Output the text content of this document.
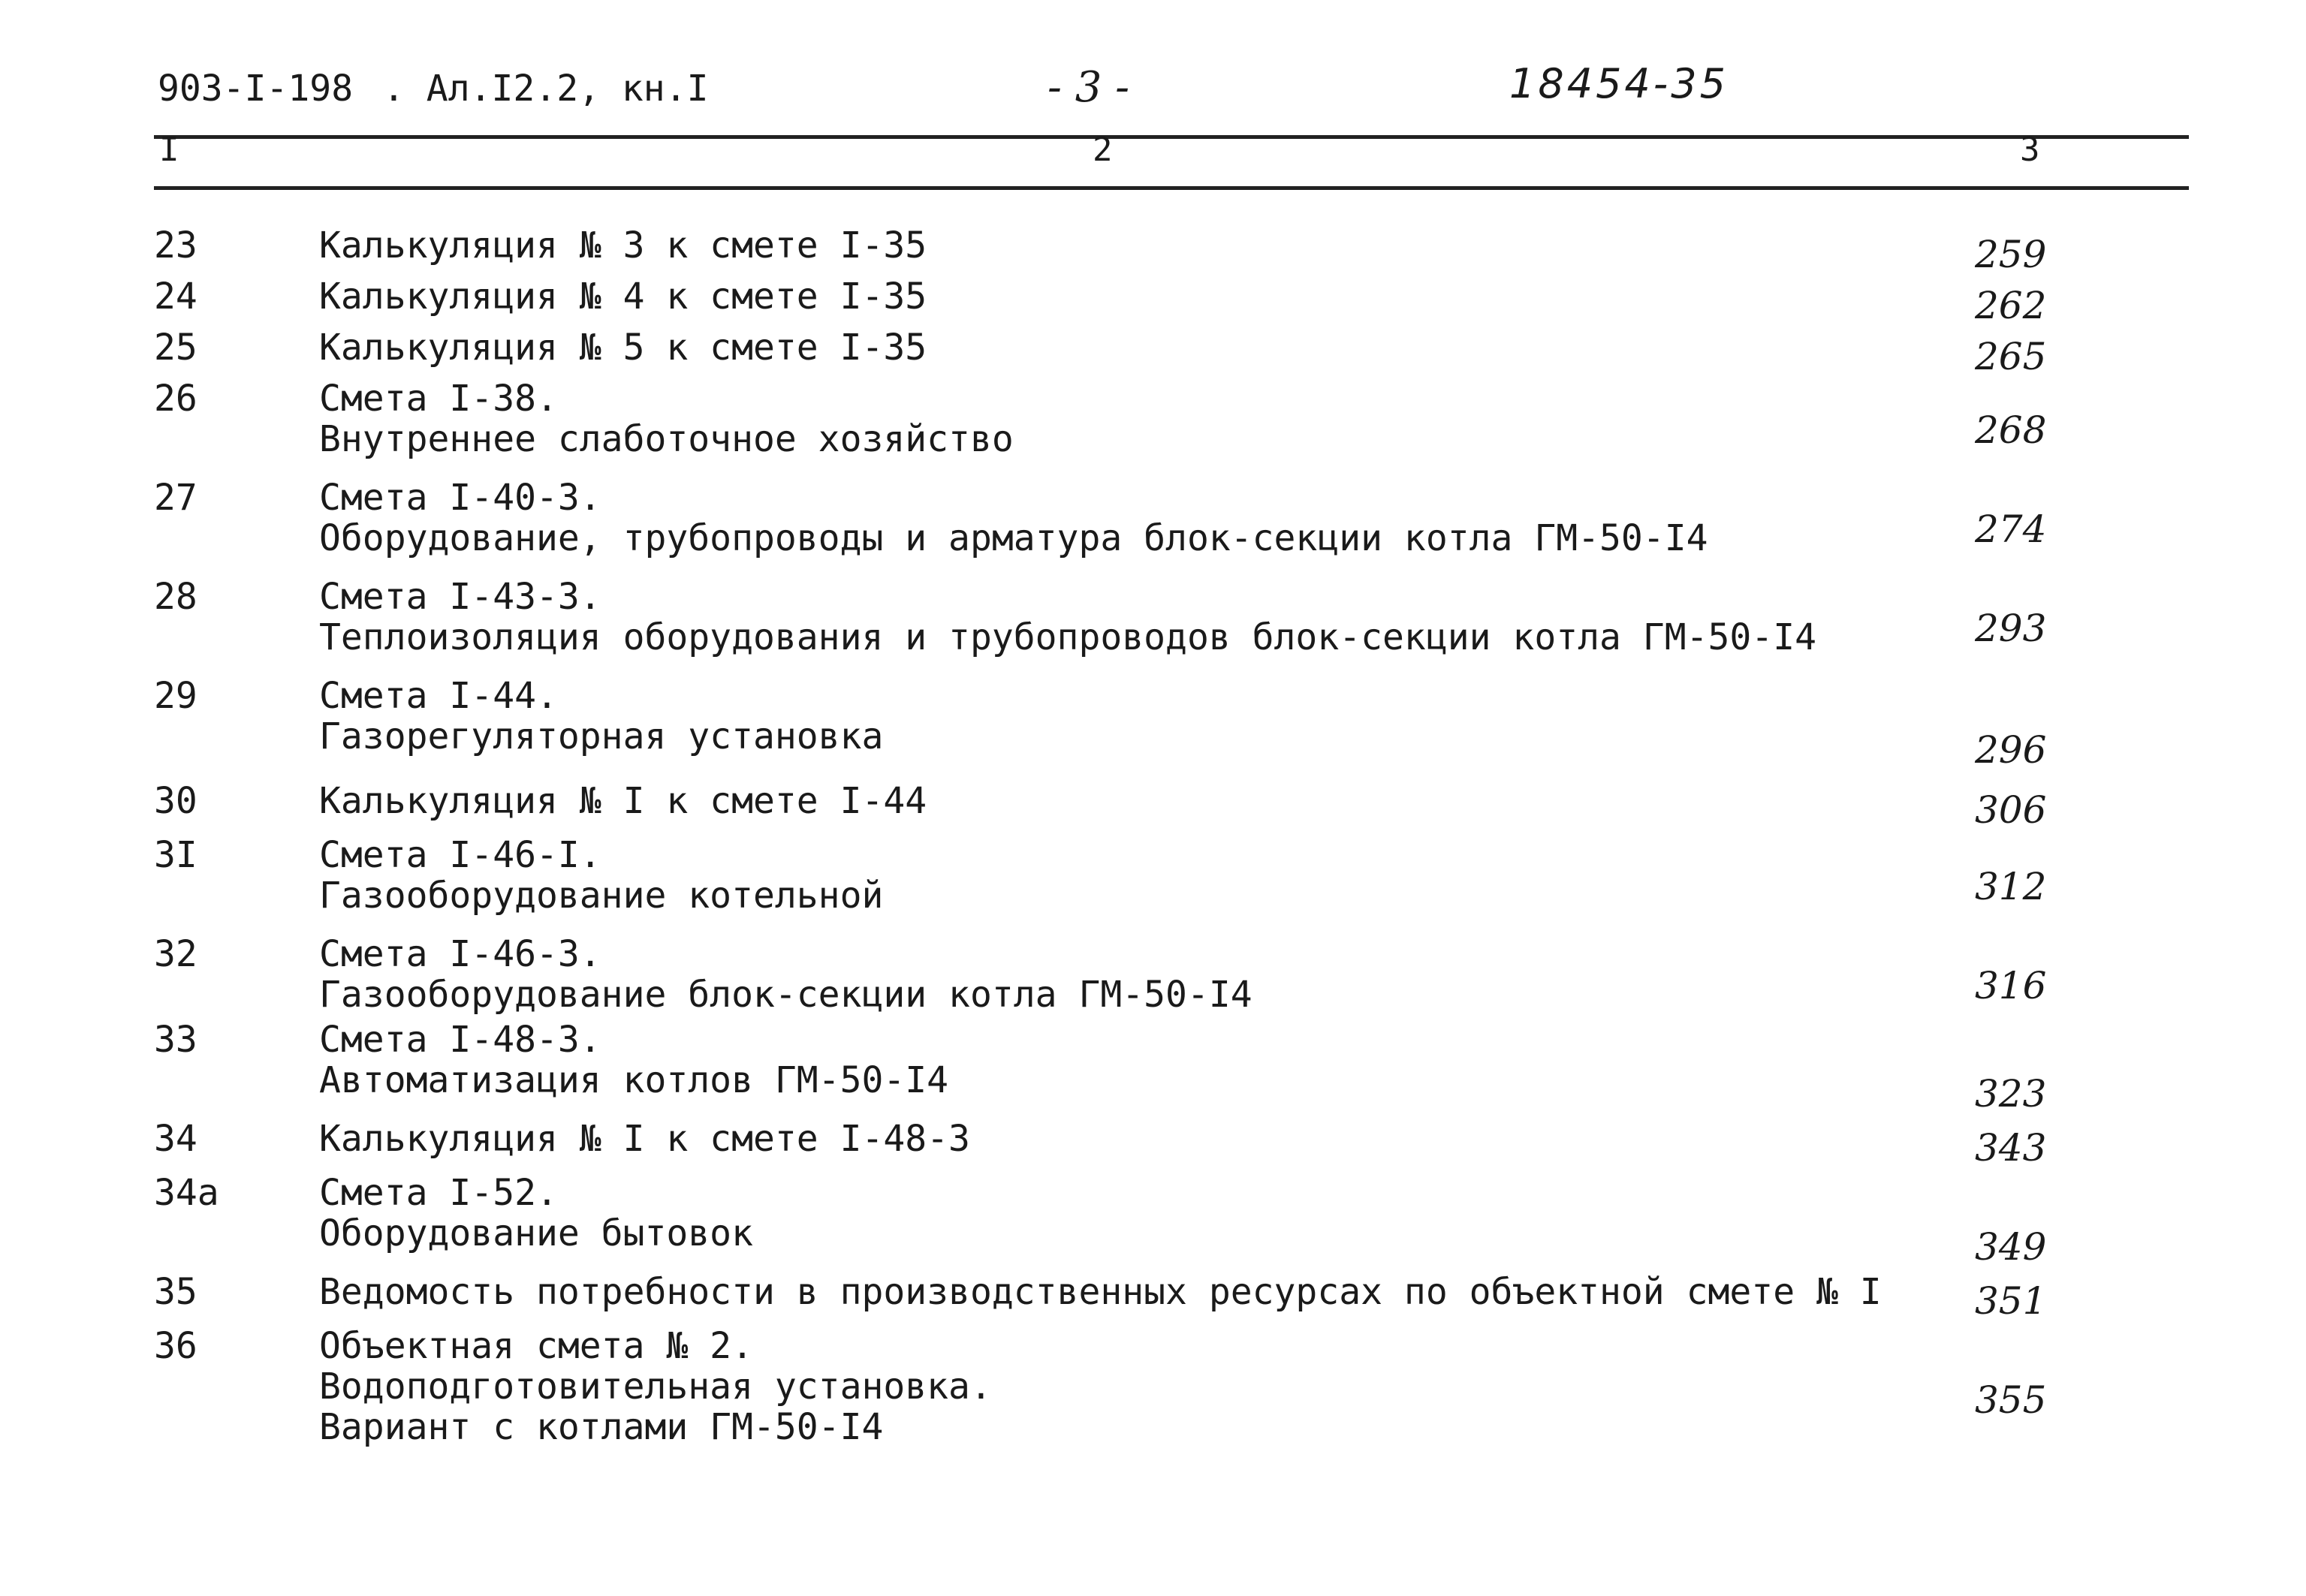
903-I-198 . Ал.I2.2, кн.I	- 3 -	18454-35
I	2	3
23	Калькуляция № 3 к смете I-35	259
24	Калькуляция № 4 к смете I-35	262
25	Калькуляция № 5 к смете I-35	265
26	Смета I-38.
Внутреннее слаботочное хозяйство	268
27	Смета I-40-3.
Оборудование, трубопроводы и арматура блок-секции котла ГМ-50-I4	274
28	Смета I-43-3.
Теплоизоляция оборудования и трубопроводов блок-секции котла ГМ-50-I4	293
29	Смета I-44.
Газорегуляторная установка	296
30	Калькуляция № I к смете I-44	306
3I	Смета I-46-I.
Газооборудование котельной	312
32	Смета I-46-3.
Газооборудование блок-секции котла ГМ-50-I4	316
33	Смета I-48-3.
Автоматизация котлов ГМ-50-I4	323
34	Калькуляция № I к смете I-48-3	343
34а	Смета I-52.
Оборудование бытовок	349
35	Ведомость потребности в производственных ресурсах по объектной смете № I	351
36	Объектная смета № 2.
Водоподготовительная установка.
Вариант с котлами ГМ-50-I4
355
